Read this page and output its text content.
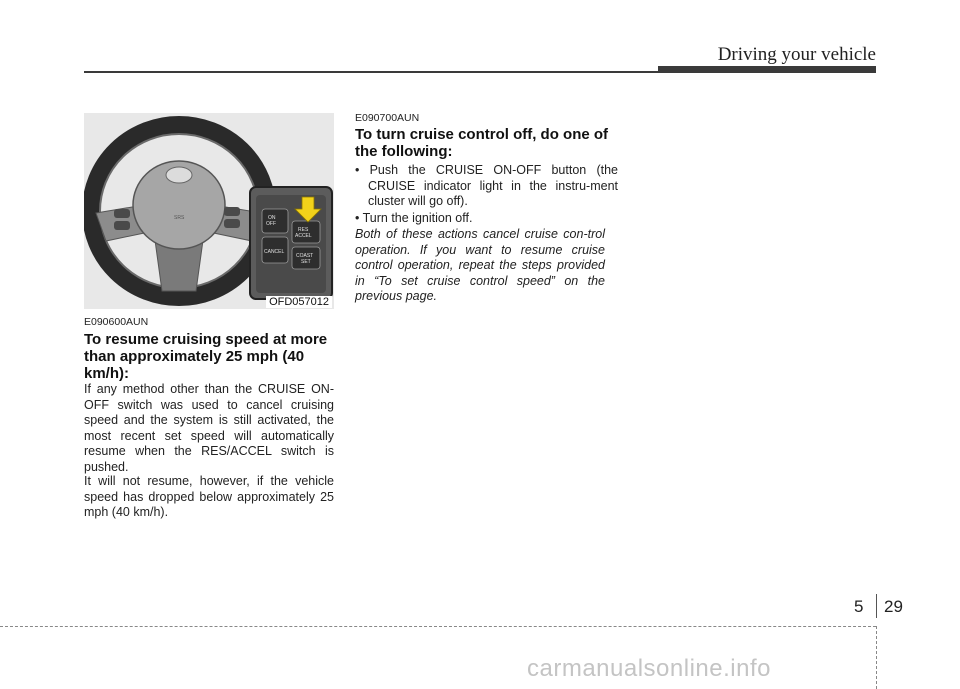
Driving your vehicle
SRS	ON
OFF
CANCEL
RES
ACCEL
COAST
SET
OFD057012
E090600AUN
To resume cruising speed at more than approximately 25 mph (40 km/h):
If any method other than the CRUISE ON-OFF switch was used to cancel cruising speed and the system is still activated, the most recent set speed will automatically resume when the RES/ACCEL switch is pushed.
It will not resume, however, if the vehicle speed has dropped below approximately 25 mph (40 km/h).
E090700AUN
To turn cruise control off, do one of the following:
• Push the CRUISE ON-OFF button (the CRUISE indicator light in the instru-ment cluster will go off).
• Turn the ignition off.
Both of these actions cancel cruise con-trol operation. If you want to resume cruise control operation, repeat the steps provided in “To set cruise control speed” on the previous page.
5 29
carmanualsonline.info
